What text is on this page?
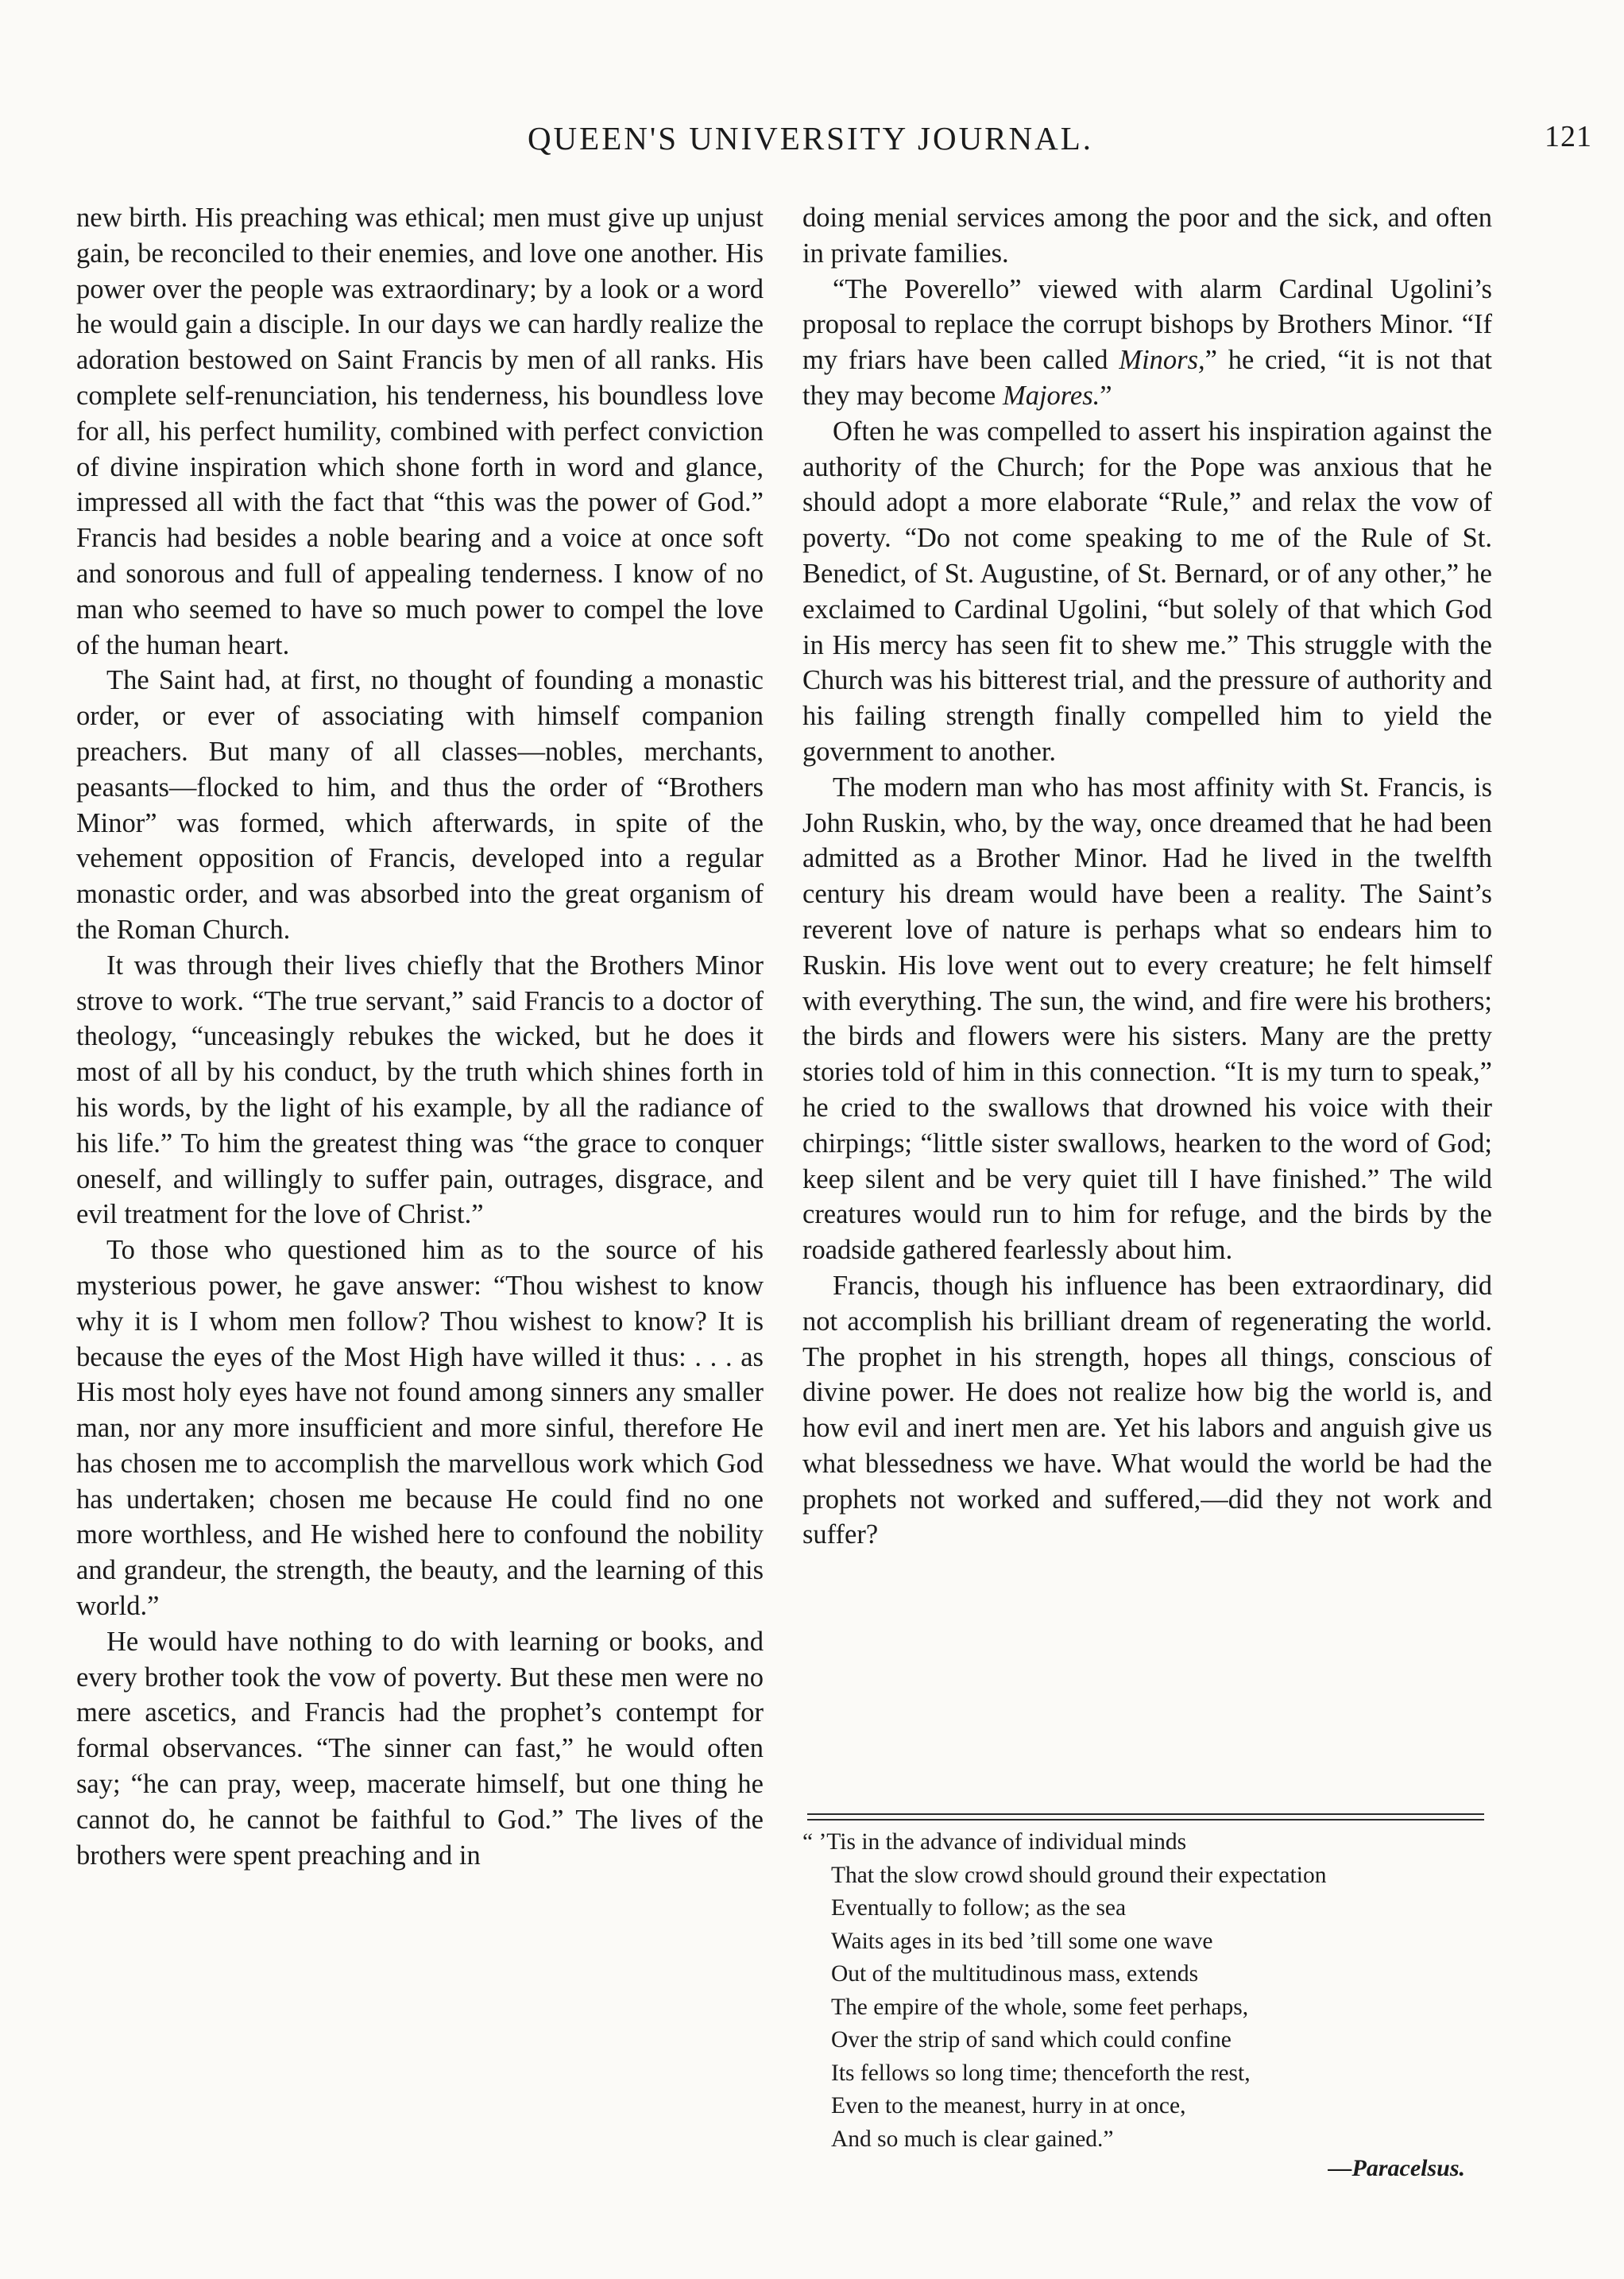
QUEEN'S UNIVERSITY JOURNAL.	121

new birth. His preaching was ethical; men must give up unjust gain, be reconciled to their enemies, and love one another. His power over the people was extraordinary; by a look or a word he would gain a disciple. In our days we can hardly realize the adoration bestowed on Saint Francis by men of all ranks. His complete self-renunciation, his tenderness, his boundless love for all, his perfect humility, combined with perfect conviction of divine inspiration which shone forth in word and glance, impressed all with the fact that “this was the power of God.” Francis had besides a noble bearing and a voice at once soft and sonorous and full of appealing tenderness. I know of no man who seemed to have so much power to compel the love of the human heart.

The Saint had, at first, no thought of founding a monastic order, or ever of associating with himself companion preachers. But many of all classes—nobles, merchants, peasants—flocked to him, and thus the order of “Brothers Minor” was formed, which afterwards, in spite of the vehement opposition of Francis, developed into a regular monastic order, and was absorbed into the great organism of the Roman Church.

It was through their lives chiefly that the Brothers Minor strove to work. “The true servant,” said Francis to a doctor of theology, “unceasingly rebukes the wicked, but he does it most of all by his conduct, by the truth which shines forth in his words, by the light of his example, by all the radiance of his life.” To him the greatest thing was “the grace to conquer oneself, and willingly to suffer pain, outrages, disgrace, and evil treatment for the love of Christ.”

To those who questioned him as to the source of his mysterious power, he gave answer: “Thou wishest to know why it is I whom men follow? Thou wishest to know? It is because the eyes of the Most High have willed it thus: . . . as His most holy eyes have not found among sinners any smaller man, nor any more insufficient and more sinful, therefore He has chosen me to accomplish the marvellous work which God has undertaken; chosen me because He could find no one more worthless, and He wished here to confound the nobility and grandeur, the strength, the beauty, and the learning of this world.”

He would have nothing to do with learning or books, and every brother took the vow of poverty. But these men were no mere ascetics, and Francis had the prophet’s contempt for formal observances. “The sinner can fast,” he would often say; “he can pray, weep, macerate himself, but one thing he cannot do, he cannot be faithful to God.” The lives of the brothers were spent preaching and in

doing menial services among the poor and the sick, and often in private families.

“The Poverello” viewed with alarm Cardinal Ugolini’s proposal to replace the corrupt bishops by Brothers Minor. “If my friars have been called Minors,” he cried, “it is not that they may become Majores.”

Often he was compelled to assert his inspiration against the authority of the Church; for the Pope was anxious that he should adopt a more elaborate “Rule,” and relax the vow of poverty. “Do not come speaking to me of the Rule of St. Benedict, of St. Augustine, of St. Bernard, or of any other,” he exclaimed to Cardinal Ugolini, “but solely of that which God in His mercy has seen fit to shew me.” This struggle with the Church was his bitterest trial, and the pressure of authority and his failing strength finally compelled him to yield the government to another.

The modern man who has most affinity with St. Francis, is John Ruskin, who, by the way, once dreamed that he had been admitted as a Brother Minor. Had he lived in the twelfth century his dream would have been a reality. The Saint’s reverent love of nature is perhaps what so endears him to Ruskin. His love went out to every creature; he felt himself with everything. The sun, the wind, and fire were his brothers; the birds and flowers were his sisters. Many are the pretty stories told of him in this connection. “It is my turn to speak,” he cried to the swallows that drowned his voice with their chirpings; “little sister swallows, hearken to the word of God; keep silent and be very quiet till I have finished.” The wild creatures would run to him for refuge, and the birds by the roadside gathered fearlessly about him.

Francis, though his influence has been extraordinary, did not accomplish his brilliant dream of regenerating the world. The prophet in his strength, hopes all things, conscious of divine power. He does not realize how big the world is, and how evil and inert men are. Yet his labors and anguish give us what blessedness we have. What would the world be had the prophets not worked and suffered,—did they not work and suffer?

“ ’Tis in the advance of individual minds
That the slow crowd should ground their expectation
Eventually to follow; as the sea
Waits ages in its bed ’till some one wave
Out of the multitudinous mass, extends
The empire of the whole, some feet perhaps,
Over the strip of sand which could confine
Its fellows so long time; thenceforth the rest,
Even to the meanest, hurry in at once,
And so much is clear gained.”
—Paracelsus.
